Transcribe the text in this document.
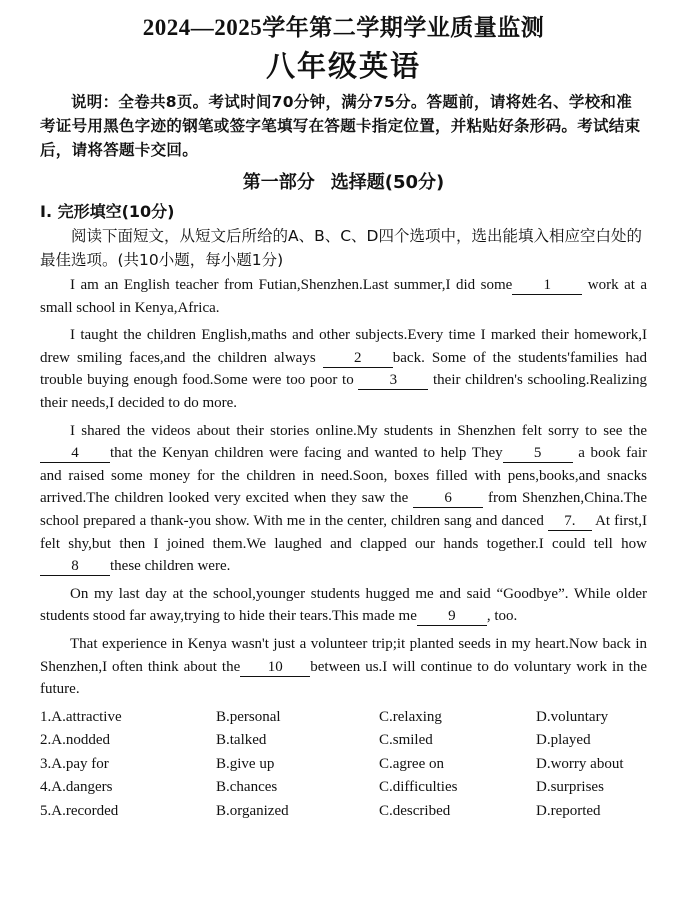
2024—2025学年第二学期学业质量监测
八年级英语

说明：全卷共8页。考试时间70分钟，满分75分。答题前，请将姓名、学校和准考证号用黑色字迹的钢笔或签字笔填写在答题卡指定位置，并粘贴好条形码。考试结束后，请将答题卡交回。

第一部分 选择题(50分)

I. 完形填空(10分)

阅读下面短文，从短文后所给的A、B、C、D四个选项中，选出能填入相应空白处的最佳选项。(共10小题，每小题1分)

I am an English teacher from Futian,Shenzhen.Last summer,I did some 1 work at a small school in Kenya,Africa.

I taught the children English,maths and other subjects.Every time I marked their homework,I drew smiling faces,and the children always	2 back. Some of the students'families had trouble buying enough food.Some were too poor to 3 their children's schooling.Realizing their needs,I decided to do more.

I shared the videos about their stories online.My students in Shenzhen felt sorry to see the4 that the Kenyan children were facing and wanted to help They 5 a book fair and raised some money for the children in need.Soon, boxes filled with pens,books,and snacks arrived.The children looked very excited when they saw the 6 from Shenzhen,China.The school prepared a thank-you show. With me in the center, children sang and danced 7. At first,I felt shy,but then I joined them.We laughed and clapped our hands together.I could tell how8 these children were.

On my last day at the school,younger students hugged me and said “Goodbye”. While older students stood far away,trying to hide their tears.This made me 9 , too.

That experience in Kenya wasn't just a volunteer trip;it planted seeds in my heart.Now back in Shenzhen,I often think about the 10 between us.I will continue to do voluntary work in the future.

1.A.attractive	B.personal	C.relaxing	D.voluntary
2.A.nodded	B.talked	C.smiled	D.played
3.A.pay for	B.give up	C.agree on	D.worry about
4.A.dangers	B.chances	C.difficulties	D.surprises
5.A.recorded	B.organized	C.described	D.reported
